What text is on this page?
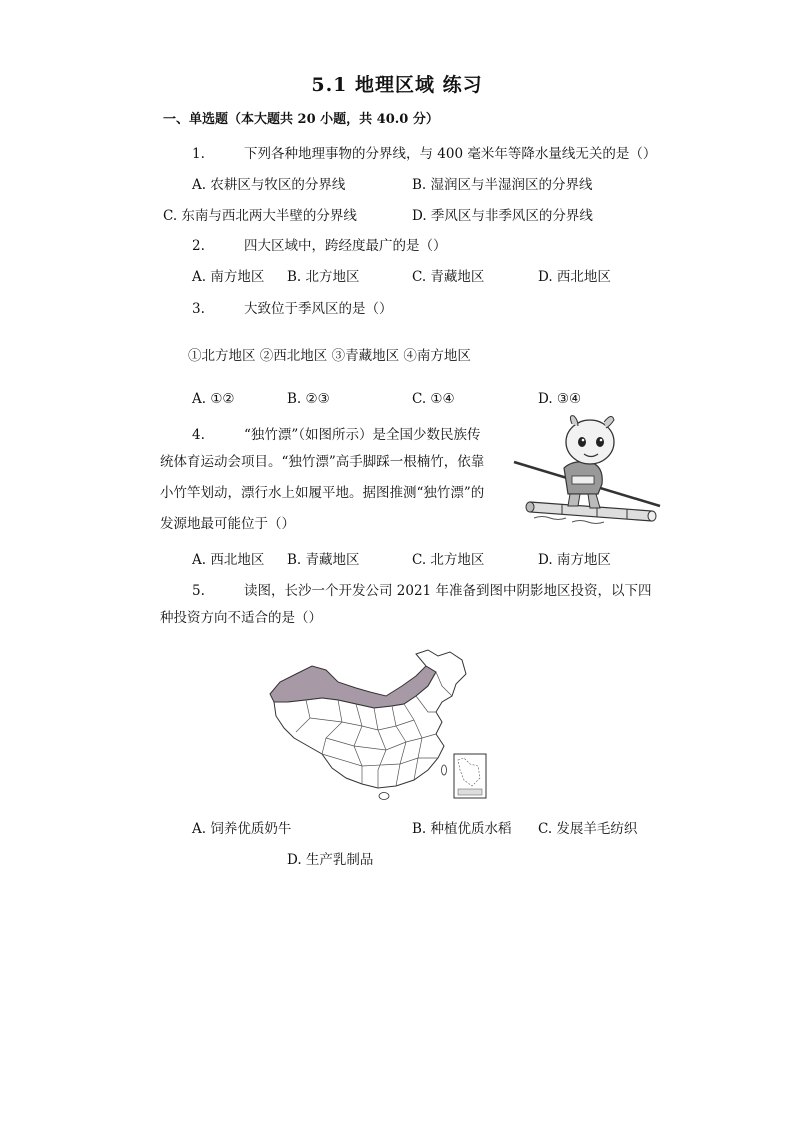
5.1 地理区域 练习
一、单选题（本大题共 20 小题，共 40.0 分）
1.	下列各种地理事物的分界线，与 400 毫米年等降水量线无关的是（）
A. 农耕区与牧区的分界线	B. 湿润区与半湿润区的分界线
C. 东南与西北两大半壁的分界线	D. 季风区与非季风区的分界线
2.	四大区域中，跨经度最广的是（）
A. 南方地区 B. 北方地区	C. 青藏地区	D. 西北地区
3.	大致位于季风区的是（）
①北方地区 ②西北地区 ③青藏地区 ④南方地区
A. ①②	B. ②③	C. ①④	D. ③④
4.	“独竹漂”（如图所示）是全国少数民族传
统体育运动会项目。“独竹漂”高手脚踩一根楠竹，依靠
小竹竿划动，漂行水上如履平地。据图推测“独竹漂”的
发源地最可能位于（）
A. 西北地区 B. 青藏地区	C. 北方地区	D. 南方地区
5.	读图，长沙一个开发公司 2021 年准备到图中阴影地区投资，以下四
种投资方向不适合的是（）
A. 饲养优质奶牛	B. 种植优质水稻 C. 发展羊毛纺织
D. 生产乳制品
